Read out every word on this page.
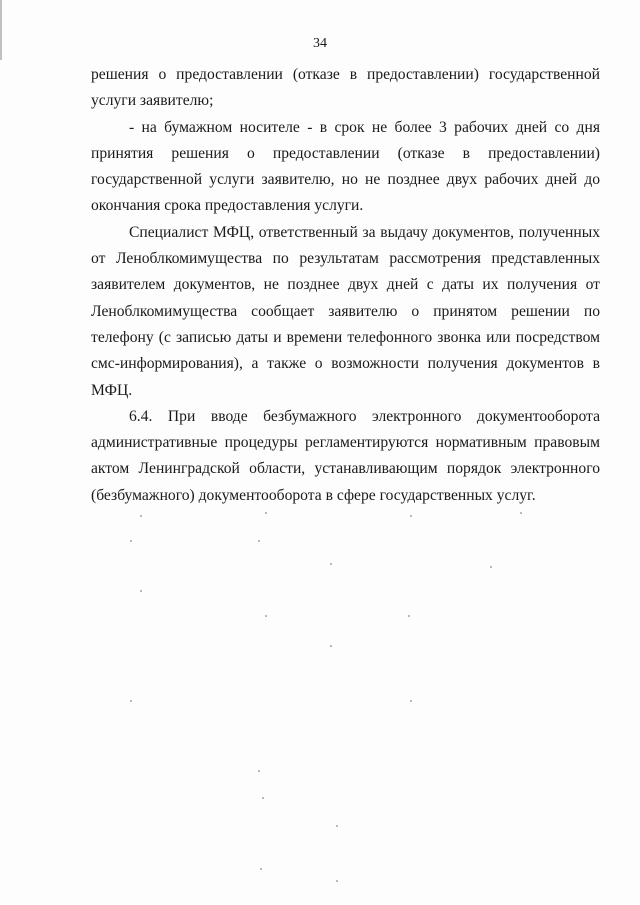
34

решения о предоставлении (отказе в предоставлении) государственной услуги заявителю;

- на бумажном носителе - в срок не более 3 рабочих дней со дня принятия решения о предоставлении (отказе в предоставлении) государственной услуги заявителю, но не позднее двух рабочих дней до окончания срока предоставления услуги.

Специалист МФЦ, ответственный за выдачу документов, полученных от Леноблкомимущества по результатам рассмотрения представленных заявителем документов, не позднее двух дней с даты их получения от Леноблкомимущества сообщает заявителю о принятом решении по телефону (с записью даты и времени телефонного звонка или посредством смс-информирования), а также о возможности получения документов в МФЦ.

6.4. При вводе безбумажного электронного документооборота административные процедуры регламентируются нормативным правовым актом Ленинградской области, устанавливающим порядок электронного (безбумажного) документооборота в сфере государственных услуг.
